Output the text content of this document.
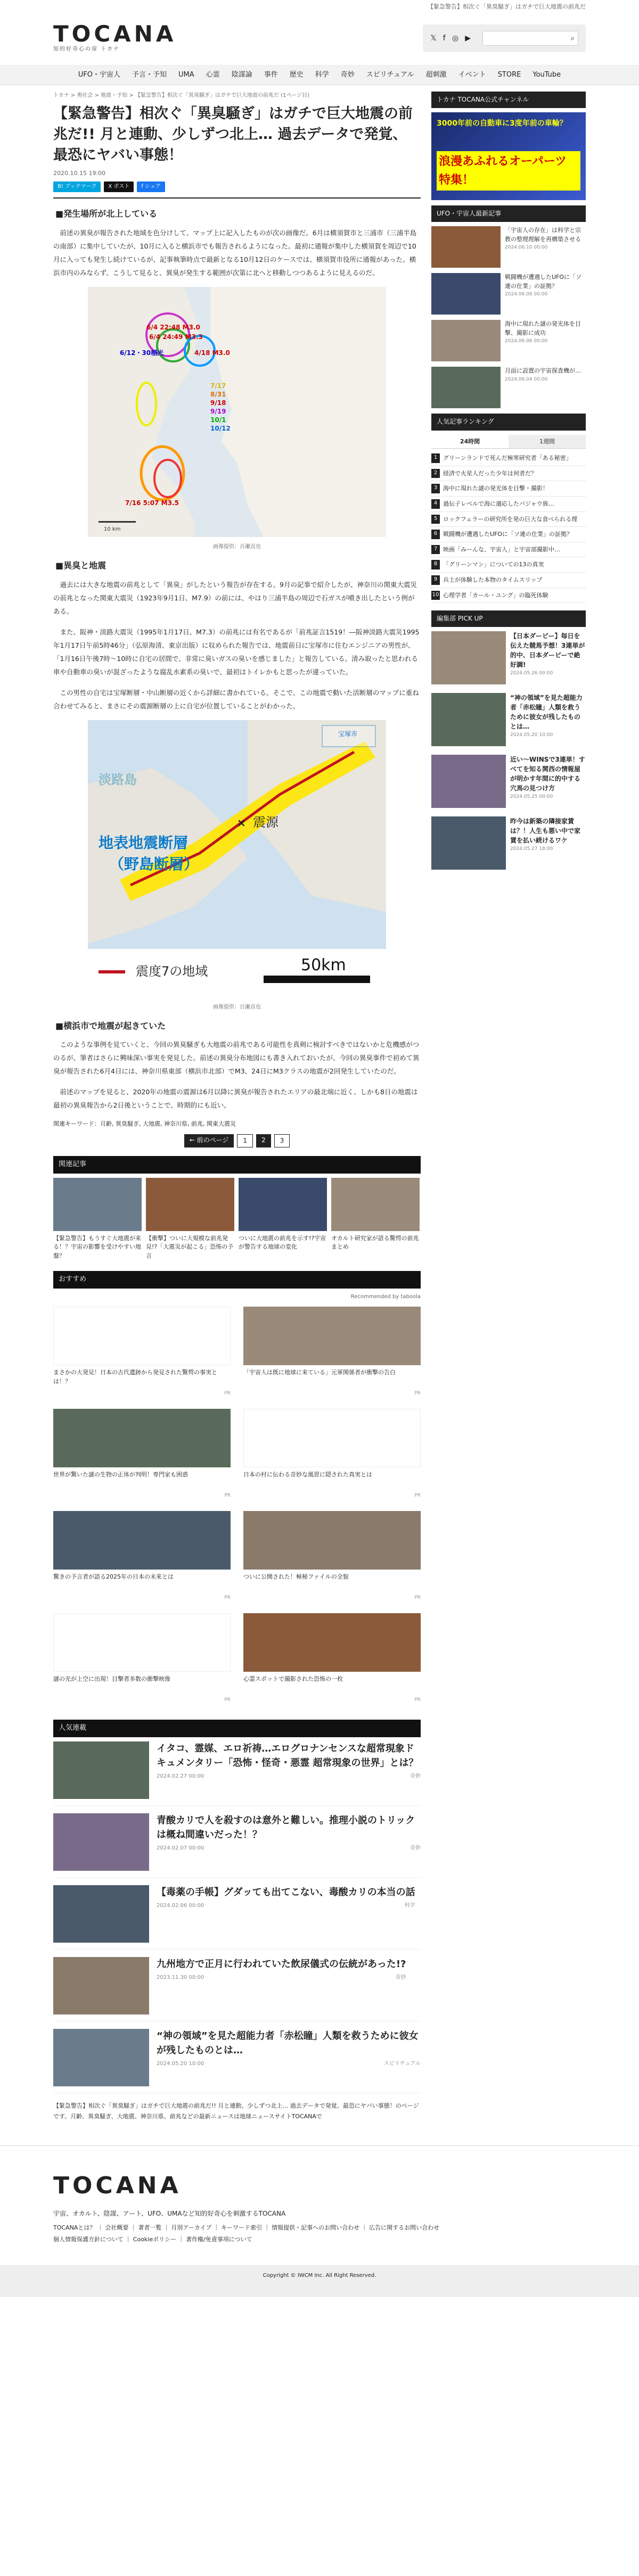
【緊急警告】相次ぐ「異臭騒ぎ」はガチで巨大地震の前兆だ
TOCANA
知的好奇心の扉 トカナ
𝕏 f ◎ ▶	⌕
UFO・宇宙人	予言・予知	UMA	心霊	陰謀論	事件	歴史	科学	奇妙	スピリチュアル	超刺激	イベント	STORE	YouTube
トカナ > 奥社会 > 地震・予知 > 【緊急警告】相次ぐ「異臭騒ぎ」はガチで巨大地震の前兆だ (1ページ目)
【緊急警告】相次ぐ「異臭騒ぎ」はガチで巨大地震の前兆だ!! 月と連動、少しずつ北上… 過去データで発覚、最恐にヤバい事態！
2020.10.15 19:00
B! ブックマーク	X ポスト	f シェア
■ 発生場所が北上している

前述の異臭が報告された地域を色分けして、マップ上に記入したものが次の画像だ。6月は横須賀市と三浦市（三浦半島の南部）に集中していたが、10月に入ると横浜市でも報告されるようになった。最初に通報が集中した横須賀を周辺で10月に入っても発生し続けているが、記事執筆時点で最新となる10月12日のケースでは、横須賀市役所に通報があった。横浜市内のみならず、こうして見ると、異臭が発生する範囲が次第に北へと移動しつつあるように見えるのだ。

6/4 22:48 M3.0
6/4 24:49 M3.3
6/12・30稲光	4/18 M3.0
7/17
8/31
9/18
9/19
10/1
10/12
7/16 5:07 M3.5
10 km
画像提供：百瀬直也
■ 異臭と地震

過去には大きな地震の前兆として「異臭」がしたという報告が存在する。9月の記事で紹介したが、神奈川の関東大震災の前兆となった関東大震災（1923年9月1日、M7.9）の前には、やはり三浦半島の周辺で石ガスが噴き出したという例がある。

また、阪神・淡路大震災（1995年1月17日、M7.3）の前兆には有名であるが「前兆証言1519！―阪神淡路大震災1995年1月17日午前5時46分」（弘原海清、東京出版）に収められた報告では、地震前日に宝塚市に住むエンジニアの男性が、「1月16日午後7時〜10時に自宅の居間で、非常に臭いガスの臭いを感じました」と報告している。清み取ったと思われる車や自動車の臭いが混ざったような腐乱水素系の臭いで、最初はトイレかもと思ったが違っていた。

この男性の自宅は宝塚断層・中山断層の近くから詳細に書かれている。そこで、この地震で動いた活断層のマップに重ね合わせてみると、まさにその震源断層の上に自宅が位置していることがわかった。

宝塚市
淡路島
× 震源
地表地震断層
（野島断層）
震度7の地域	50km
画像提供：百瀬直也
■ 横浜市で地震が起きていた

このような事例を見ていくと、今回の異臭騒ぎも大地震の前兆である可能性を真剣に検討すべきではないかと危機感がつのるが、筆者はさらに興味深い事実を発見した。前述の異臭分布地図にも書き入れておいたが、今回の異臭事件で初めて異臭が報告された6月4日には、神奈川県東部（横浜市北部）でM3、24日にM3クラスの地震が2回発生していたのだ。

前述のマップを見ると、2020年の地震の震源は6月以降に異臭が報告されたエリアの最北端に近く、しかも8日の地震は最初の異臭報告から2日後ということで、時期的にも近い。

関連キーワード：月齢, 異臭騒ぎ, 大地震, 神奈川県, 前兆, 関東大震災
← 前のページ	1	2	3
関連記事
【緊急警告】もうすぐ大地震が来る！？宇宙の影響を受けやすい地盤？
【衝撃】ついに大規模な前兆発見!?「大震災が起こる」恐怖の予言
ついに大地震の前兆を示す!?宇宙が警告する地球の変化
オカルト研究家が語る驚愕の前兆まとめ
おすすめ
Recommended by taboola
まさかの大発見！日本の古代遺跡から発見された驚愕の事実とは！？
PR
「宇宙人は既に地球に来ている」元軍関係者が衝撃の告白
PR
世界が驚いた謎の生物の正体が判明！専門家も困惑
PR
日本の村に伝わる奇妙な風習に隠された真実とは
PR
驚きの予言者が語る2025年の日本の未来とは
PR
ついに公開された！極秘ファイルの全貌
PR
謎の光が上空に出現！目撃者多数の衝撃映像
PR
心霊スポットで撮影された恐怖の一枚
PR
人気連載
イタコ、霊媒、エロ祈祷…エログロナンセンスな超常現象ドキュメンタリー「恐怖・怪奇・悪霊 超常現象の世界」とは？
2024.02.27 00:00	奇妙
青酸カリで人を殺すのは意外と難しい。推理小説のトリックは概ね間違いだった！？
2024.02.07 00:00	奇妙
【毒薬の手帳】グダッても出てこない、毒酸カリの本当の話
2024.02.06 00:00	科学
九州地方で正月に行われていた飲尿儀式の伝統があった!?
2023.11.30 00:00	奇妙
“神の領域”を見た超能力者「赤松瞳」人類を救うために彼女が残したものとは…
2024.05.20 10:00	スピリチュアル
【緊急警告】相次ぐ「異臭騒ぎ」はガチで巨大地震の前兆だ!! 月と連動、少しずつ北上… 過去データで発覚、最恐にヤバい事態！のページです。月齢、異臭騒ぎ、大地震、神奈川県、前兆などの最新ニュースは地球ニュースサイトTOCANAで
トカナ TOCANA公式チャンネル
3000年前の自動車に3度年前の車輪？
浪漫あふれるオーパーツ特集！
UFO・宇宙人最新記事
「宇宙人の存在」は科学と宗教の整理理解を再構築させる
2024.06.10 00:00
戦闘機が遭遇したUFOに「ソ連の仕業」の証拠？
2024.06.08 00:00
海中に現れた謎の発光体を目撃、撮影に成功
2024.06.06 00:00
月面に設置の宇宙探査機が…
2024.06.04 00:00
人気記事ランキング
24時間	1週間
1 グリーンランドで死んだ極寒研究者「ある秘密」
2 経済で火星人だった少年は何者だ？
3 海中に現れた謎の発光体を目撃・撮影！
4 過伝子レベルで海に適応したバジャウ族…
5 ロックフェラーの研究所を発の巨大な食べられる理
6 戦闘機が遭遇したUFOに「ソ連の仕業」の証拠？
7 映画「みーんな、宇宙人」と宇宙部撮影中…
8 「グリーンマン」についての13の真実
9 兵士が体験した本物のタイムスリップ
10 心理学者「カール・ユング」の臨死体験
編集部 PICK UP
【日本ダービー】毎日を伝えた競馬予想！3連単が的中、日本ダービーで絶好調!
2024.05.26 00:00
“神の領域”を見た超能力者「赤松瞳」人類を救うために彼女が残したものとは…
2024.05.20 10:00
近い〜WINSで3連単！すべてを知る関西の情報屋が明かす年間に的中する穴馬の見つけ方
2024.05.25 00:00
昨今は新築の隣接家賃は？！人生も悪い中で家賃を払い続けるワケ
2024.05.27 18:00
TOCANA
宇宙、オカルト、陰謀、アート、UFO、UMAなど知的好奇心を刺激するTOCANA
TOCANAとは？ ｜ 会社概要 ｜ 著者一覧 ｜ 月別アーカイブ ｜ キーワード索引 ｜ 情報提供・記事へのお問い合わせ ｜ 広告に関するお問い合わせ
個人情報保護方針について ｜ Cookieポリシー ｜ 著作権/免責事項について
Copyright © IWCM Inc. All Right Reserved.
